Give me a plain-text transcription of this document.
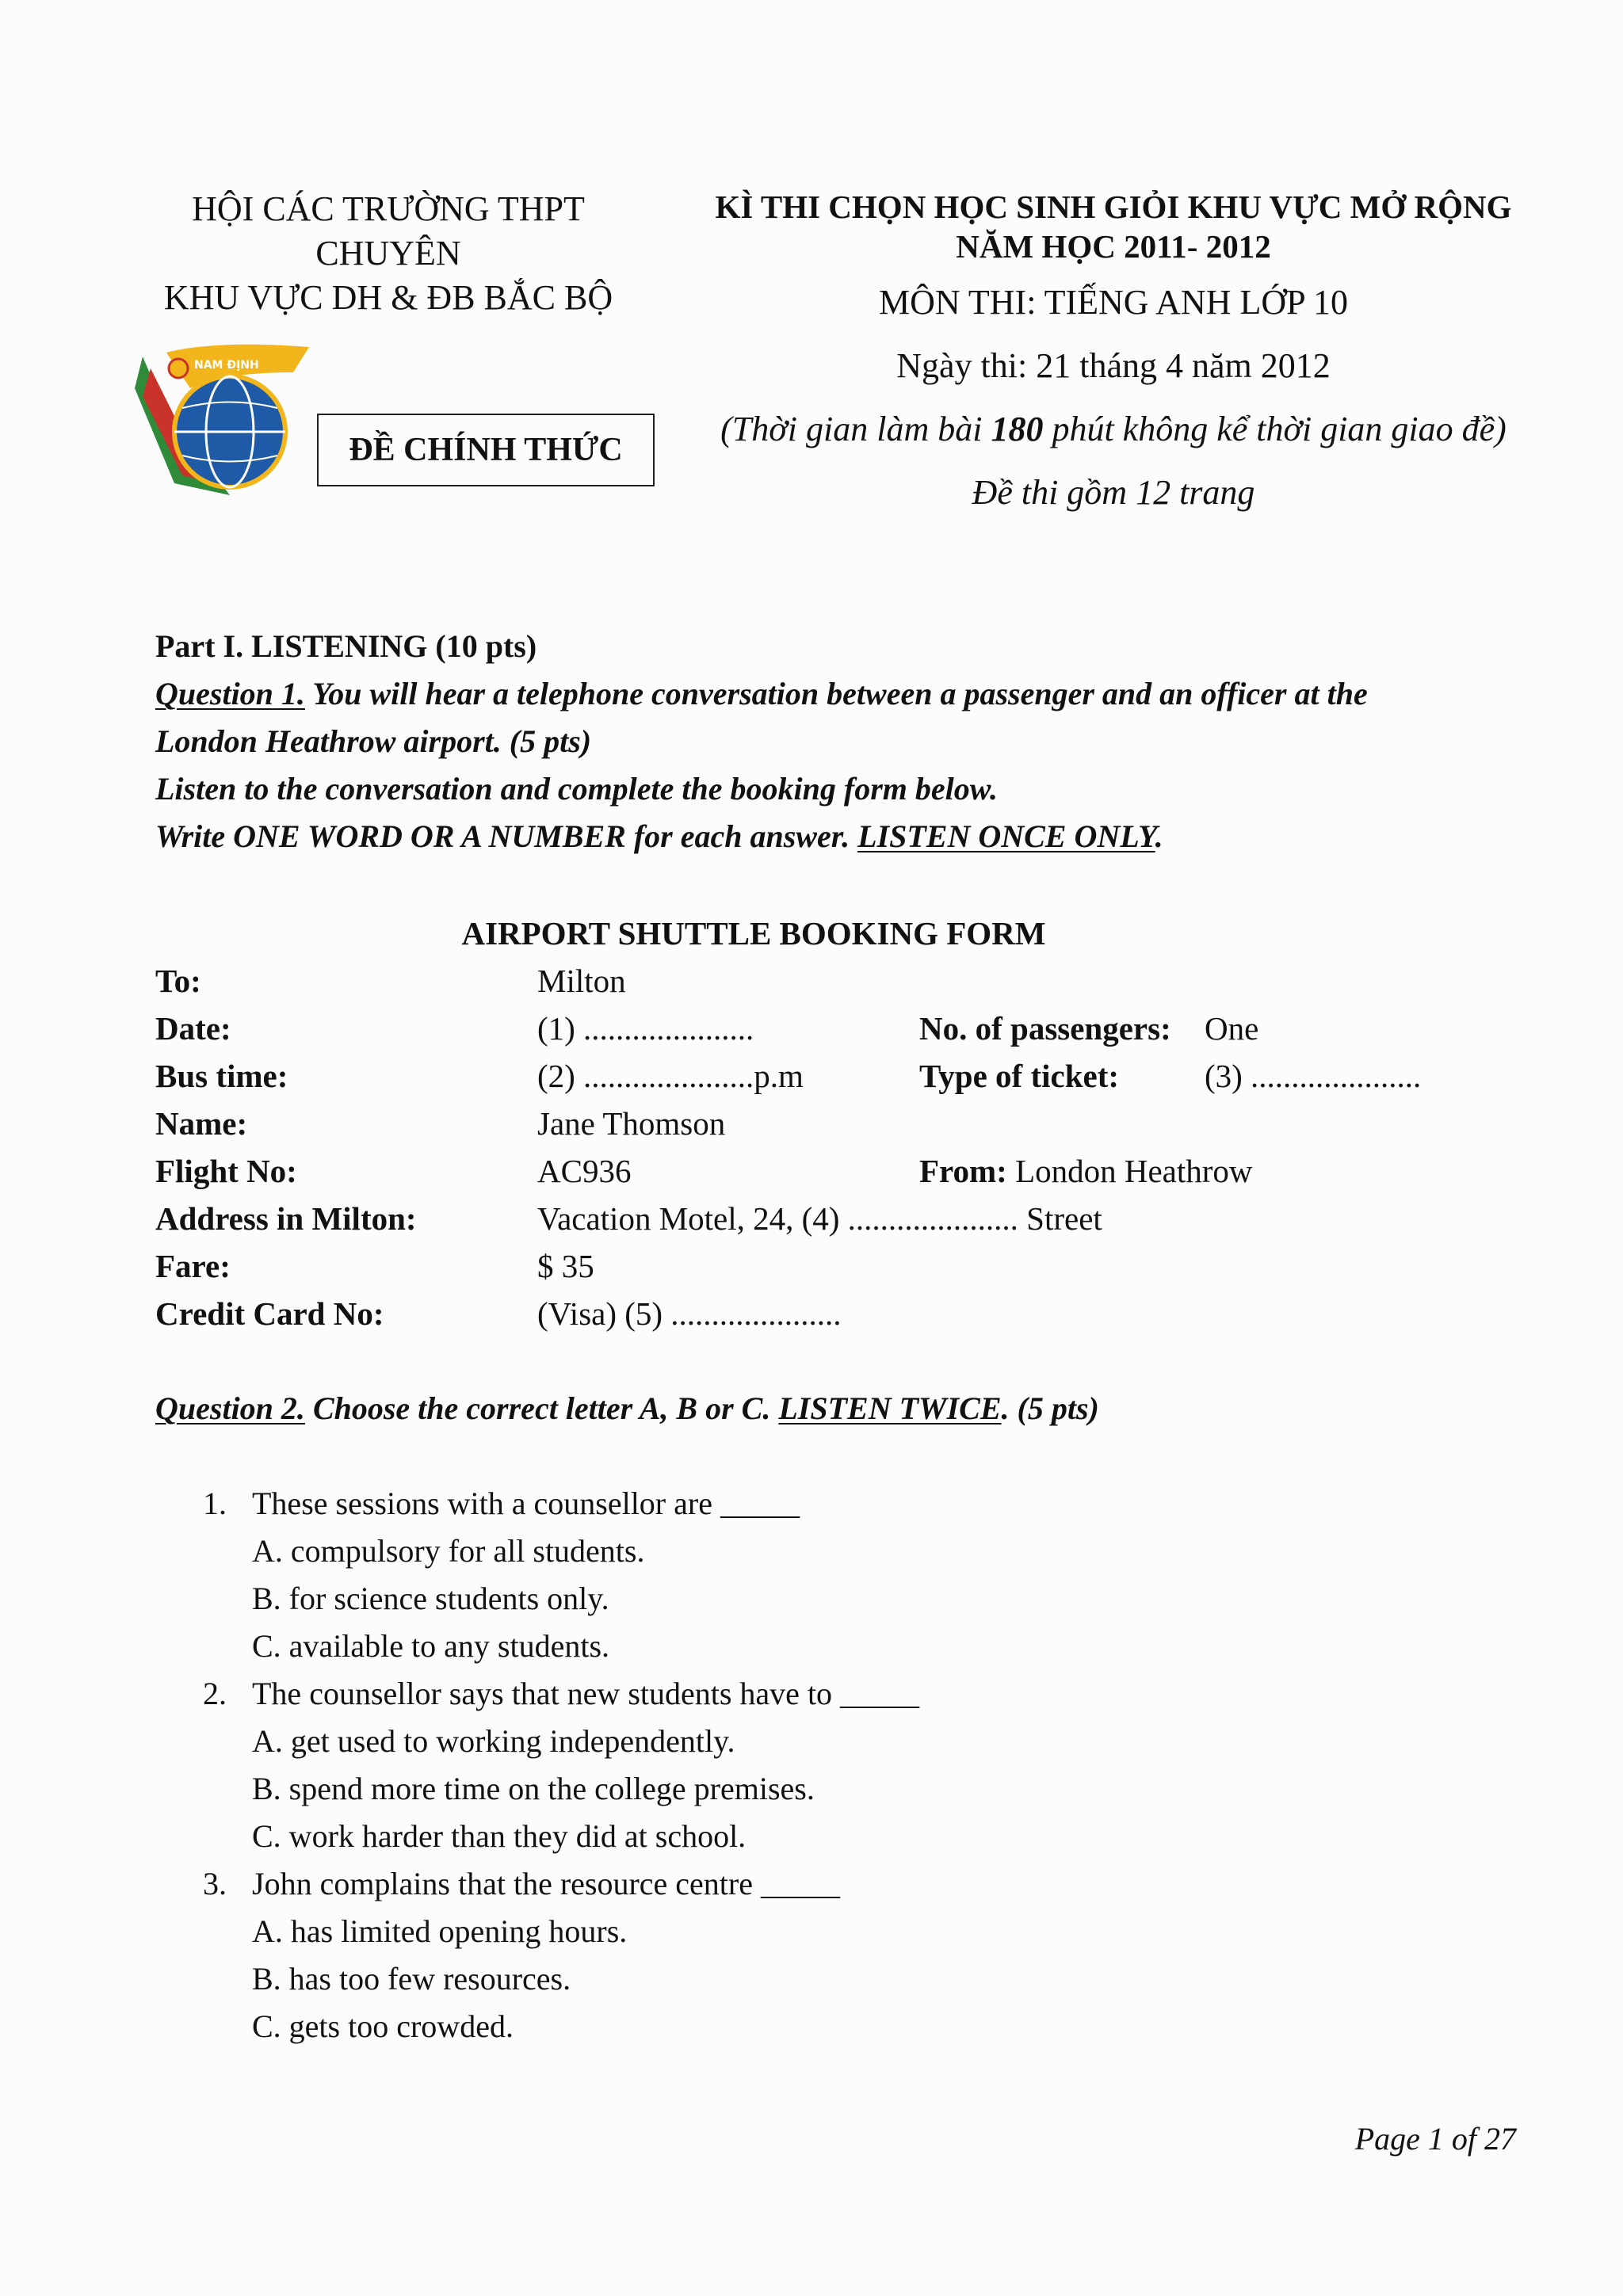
HỘI CÁC TRƯỜNG THPT
CHUYÊN
KHU VỰC DH & ĐB BẮC BỘ
NAM ĐỊNH
ĐỀ CHÍNH THỨC
KÌ THI CHỌN HỌC SINH GIỎI KHU VỰC MỞ RỘNG
NĂM HỌC 2011- 2012
MÔN THI: TIẾNG ANH LỚP 10
Ngày thi: 21 tháng 4 năm 2012
(Thời gian làm bài 180 phút không kể thời gian giao đề)
Đề thi gồm 12 trang
Part I. LISTENING (10 pts)
Question 1. You will hear a telephone conversation between a passenger and an officer at the
London Heathrow airport. (5 pts)
Listen to the conversation and complete the booking form below.
Write ONE WORD OR A NUMBER for each answer. LISTEN ONCE ONLY.
AIRPORT SHUTTLE BOOKING FORM
To:	Milton
Date:	(1) .....................	No. of passengers: One
Bus time:	(2) .....................p.m	Type of ticket:	(3) .....................
Name:	Jane Thomson
Flight No:	AC936	From: London Heathrow
Address in Milton:	Vacation Motel, 24, (4) ..................... Street
Fare:	$ 35
Credit Card No:	(Visa) (5) .....................
Question 2. Choose the correct letter A, B or C. LISTEN TWICE. (5 pts)
1. These sessions with a counsellor are _____
A. compulsory for all students.
B. for science students only.
C. available to any students.
2. The counsellor says that new students have to _____
A. get used to working independently.
B. spend more time on the college premises.
C. work harder than they did at school.
3. John complains that the resource centre _____
A. has limited opening hours.
B. has too few resources.
C. gets too crowded.
Page 1 of 27
